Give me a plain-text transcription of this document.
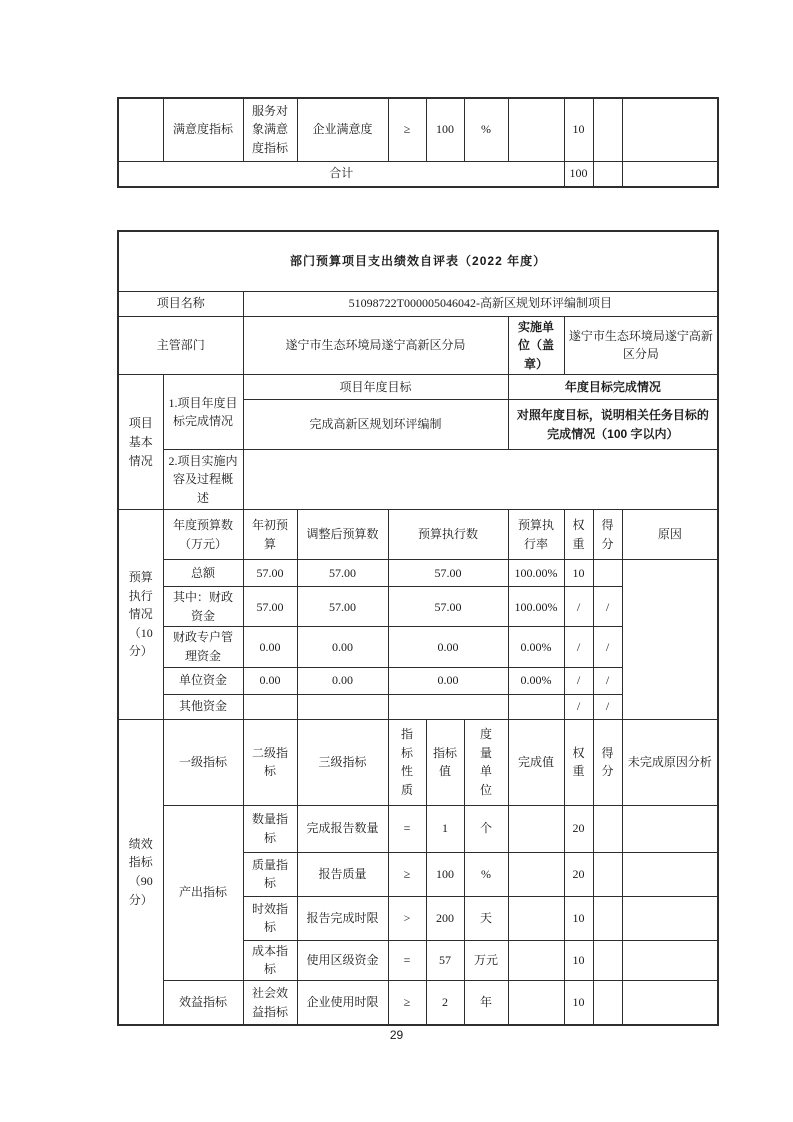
	满意度指标	服务对象满意度指标	企业满意度	≥	100	%		10		
合计								100		
部门预算项目支出绩效自评表（2022 年度）										
项目名称		51098722T000005046042-高新区规划环评编制项目								
主管部门		遂宁市生态环境局遂宁高新区分局					实施单位（盖章）	遂宁市生态环境局遂宁高新区分局		
项目基本情况	1.项目年度目标完成情况	项目年度目标					年度目标完成情况			
		完成高新区规划环评编制					对照年度目标，说明相关任务目标的完成情况（100 字以内）			
	2.项目实施内容及过程概述									
预算执行情况（10 分）	年度预算数（万元）	年初预算	调整后预算数	预算执行数			预算执行率	权重	得分	原因
	总额	57.00	57.00	57.00			100.00%	10		
	其中：财政资金	57.00	57.00	57.00			100.00%	/	/	
	财政专户管理资金	0.00	0.00	0.00			0.00%	/	/	
	单位资金	0.00	0.00	0.00			0.00%	/	/	
	其他资金							/	/	
绩效指标（90 分）	一级指标	二级指标	三级指标	指标性质	指标值	度量单位	完成值	权重	得分	未完成原因分析
	产出指标	数量指标	完成报告数量	=	1	个		20		
		质量指标	报告质量	≥	100	%		20		
		时效指标	报告完成时限	>	200	天		10		
		成本指标	使用区级资金	=	57	万元		10		
	效益指标	社会效益指标	企业使用时限	≥	2	年		10		
29
